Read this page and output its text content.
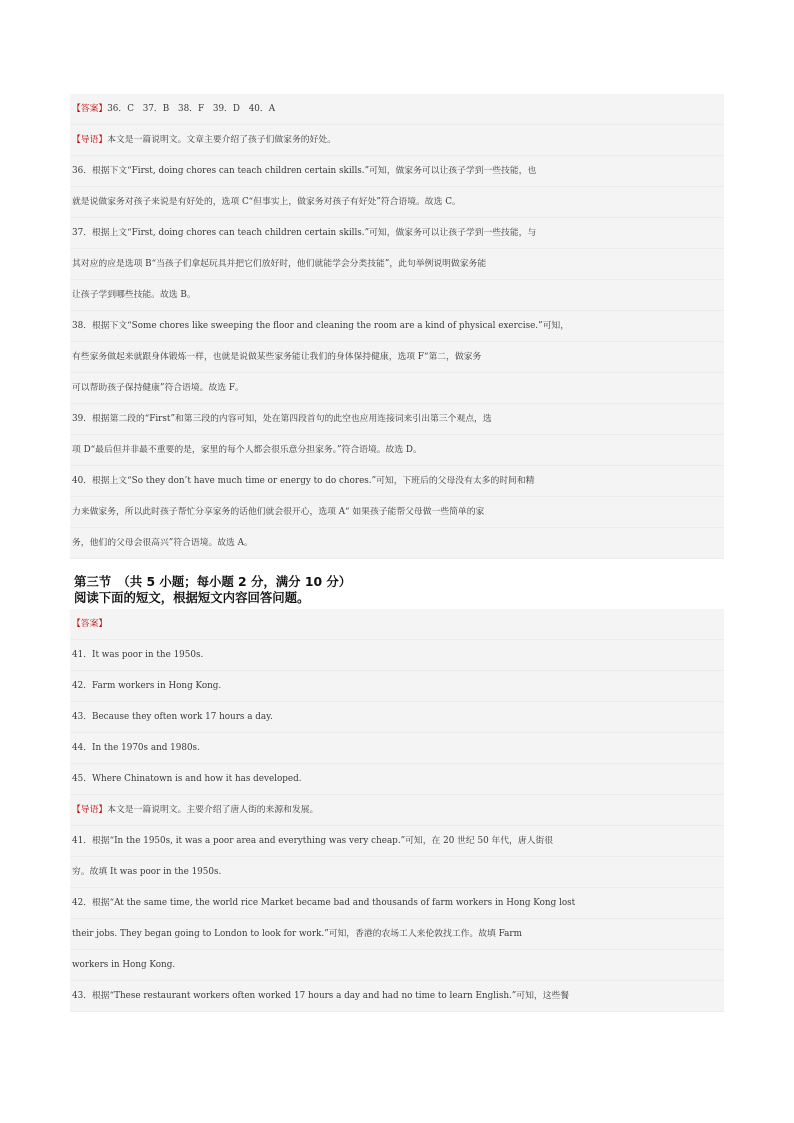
【答案】36．C　37．B　38．F　39．D　40．A
【导语】本文是一篇说明文。文章主要介绍了孩子们做家务的好处。
36．根据下文“First, doing chores can teach children certain skills.”可知，做家务可以让孩子学到一些技能，也
就是说做家务对孩子来说是有好处的，选项 C“但事实上，做家务对孩子有好处”符合语境。故选 C。
37．根据上文“First, doing chores can teach children certain skills.”可知，做家务可以让孩子学到一些技能，与
其对应的应是选项 B“当孩子们拿起玩具并把它们放好时，他们就能学会分类技能”，此句举例说明做家务能
让孩子学到哪些技能。故选 B。
38．根据下文“Some chores like sweeping the floor and cleaning the room are a kind of physical exercise.”可知，
有些家务做起来就跟身体锻炼一样，也就是说做某些家务能让我们的身体保持健康，选项 F“第二，做家务
可以帮助孩子保持健康”符合语境。故选 F。
39．根据第二段的“First”和第三段的内容可知，处在第四段首句的此空也应用连接词来引出第三个观点，选
项 D“最后但并非最不重要的是，家里的每个人都会很乐意分担家务。”符合语境。故选 D。
40．根据上文“So they don’t have much time or energy to do chores.”可知，下班后的父母没有太多的时间和精
力来做家务，所以此时孩子帮忙分享家务的话他们就会很开心，选项 A“ 如果孩子能帮父母做一些简单的家
务，他们的父母会很高兴”符合语境。故选 A。
第三节　（共 5 小题；每小题 2 分，满分 10 分）
阅读下面的短文，根据短文内容回答问题。
【答案】
41．It was poor in the 1950s.
42．Farm workers in Hong Kong.
43．Because they often work 17 hours a day.
44．In the 1970s and 1980s.
45．Where Chinatown is and how it has developed.
【导语】本文是一篇说明文。主要介绍了唐人街的来源和发展。
41．根据“In the 1950s, it was a poor area and everything was very cheap.”可知，在 20 世纪 50 年代，唐人街很
穷。故填 It was poor in the 1950s.
42．根据“At the same time, the world rice Market became bad and thousands of farm workers in Hong Kong lost
their jobs. They began going to London to look for work.”可知，香港的农场工人来伦敦找工作。故填 Farm
workers in Hong Kong.
43．根据“These restaurant workers often worked 17 hours a day and had no time to learn English.”可知，这些餐
